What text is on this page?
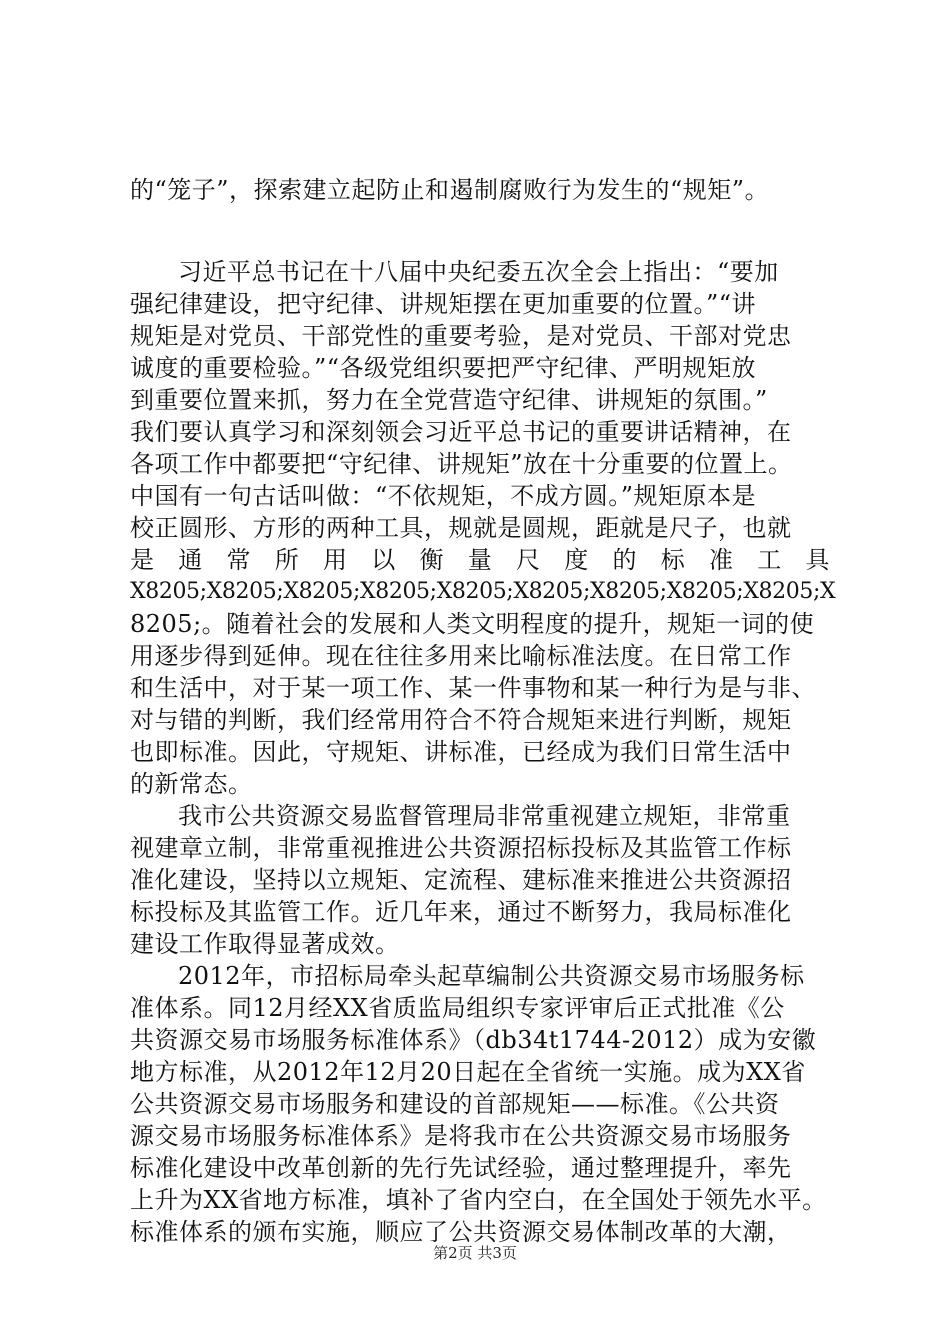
的“笼子”，探索建立起防止和遏制腐败行为发生的“规矩”。
习近平总书记在十八届中央纪委五次全会上指出：“要加
强纪律建设，把守纪律、讲规矩摆在更加重要的位置。”“讲
规矩是对党员、干部党性的重要考验，是对党员、干部对党忠
诚度的重要检验。”“各级党组织要把严守纪律、严明规矩放
到重要位置来抓，努力在全党营造守纪律、讲规矩的氛围。”
我们要认真学习和深刻领会习近平总书记的重要讲话精神，在
各项工作中都要把“守纪律、讲规矩”放在十分重要的位置上。
中国有一句古话叫做：“不依规矩，不成方圆。”规矩原本是
校正圆形、方形的两种工具，规就是圆规，距就是尺子，也就
是 通 常 所 用 以 衡 量 尺 度 的 标 准 工 具
X8205;X8205;X8205;X8205;X8205;X8205;X8205;X8205;X8205;X
8205;。随着社会的发展和人类文明程度的提升，规矩一词的使
用逐步得到延伸。现在往往多用来比喻标准法度。在日常工作
和生活中，对于某一项工作、某一件事物和某一种行为是与非、
对与错的判断，我们经常用符合不符合规矩来进行判断，规矩
也即标准。因此，守规矩、讲标准，已经成为我们日常生活中
的新常态。
我市公共资源交易监督管理局非常重视建立规矩，非常重
视建章立制，非常重视推进公共资源招标投标及其监管工作标
准化建设，坚持以立规矩、定流程、建标准来推进公共资源招
标投标及其监管工作。近几年来，通过不断努力，我局标准化
建设工作取得显著成效。
2012年，市招标局牵头起草编制公共资源交易市场服务标
准体系。同12月经XX省质监局组织专家评审后正式批准《公
共资源交易市场服务标准体系》（db34t1744-2012）成为安徽
地方标准，从2012年12月20日起在全省统一实施。成为XX省
公共资源交易市场服务和建设的首部规矩——标准。《公共资
源交易市场服务标准体系》是将我市在公共资源交易市场服务
标准化建设中改革创新的先行先试经验，通过整理提升，率先
上升为XX省地方标准，填补了省内空白，在全国处于领先水平。
标准体系的颁布实施，顺应了公共资源交易体制改革的大潮，
第2页 共3页
